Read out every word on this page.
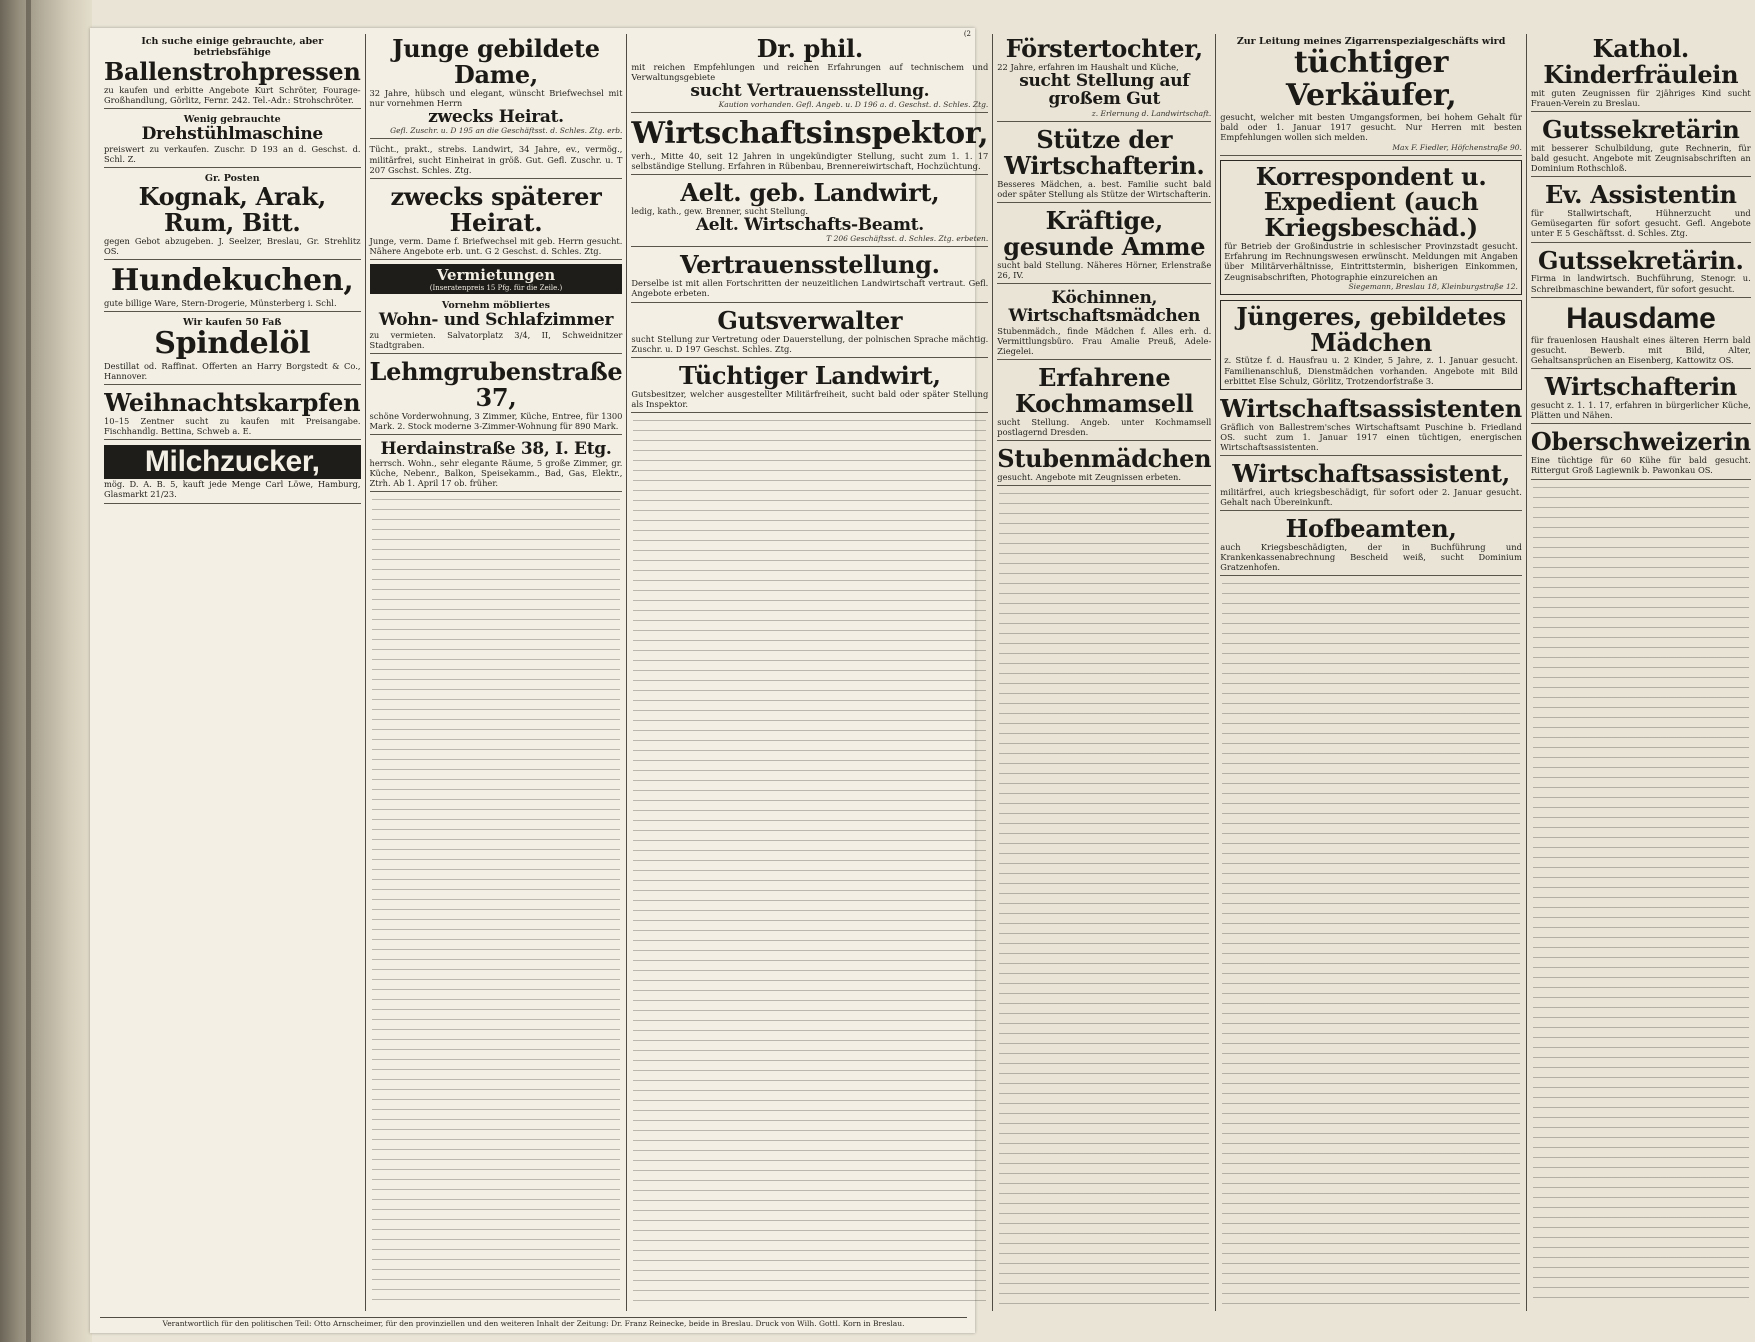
(2
Ich suche einige gebrauchte, aber betriebsfähige
Ballenstrohpressen
zu kaufen und erbitte Angebote Kurt Schröter, Fourage-Großhandlung, Görlitz, Fernr. 242. Tel.-Adr.: Strohschröter.
Wenig gebrauchte
Drehstühlmaschine
preiswert zu verkaufen. Zuschr. D 193 an d. Geschst. d. Schl. Z.
Gr. Posten
Kognak, Arak, Rum, Bitt.
gegen Gebot abzugeben. J. Seelzer, Breslau, Gr. Strehlitz OS.
Hundekuchen,
gute billige Ware, Stern-Drogerie, Münsterberg i. Schl.
Wir kaufen 50 Faß
Spindelöl
Destillat od. Raffinat. Offerten an Harry Borgstedt & Co., Hannover.
Weihnachtskarpfen
10–15 Zentner sucht zu kaufen mit Preisangabe. Fischhandlg. Bettina, Schweb a. E.
Milchzucker,
mög. D. A. B. 5, kauft jede Menge Carl Löwe, Hamburg, Glasmarkt 21/23.
Junge gebildete Dame,
32 Jahre, hübsch und elegant, wünscht Briefwechsel mit nur vornehmen Herrn
zwecks Heirat.
Gefl. Zuschr. u. D 195 an die Geschäftsst. d. Schles. Ztg. erb.
Tücht., prakt., strebs. Landwirt, 34 Jahre, ev., vermög., militärfrei, sucht Einheirat in größ. Gut. Gefl. Zuschr. u. T 207 Gschst. Schles. Ztg.
zwecks späterer Heirat.
Junge, verm. Dame f. Briefwechsel mit geb. Herrn gesucht. Nähere Angebote erb. unt. G 2 Geschst. d. Schles. Ztg.
Vermietungen
(Inseratenpreis 15 Pfg. für die Zeile.)
Vornehm möbliertes
Wohn- und Schlafzimmer
zu vermieten. Salvatorplatz 3/4, II, Schweidnitzer Stadtgraben.
Lehmgrubenstraße 37,
schöne Vorderwohnung, 3 Zimmer, Küche, Entree, für 1300 Mark. 2. Stock moderne 3-Zimmer-Wohnung für 890 Mark.
Herdainstraße 38, I. Etg.
herrsch. Wohn., sehr elegante Räume, 5 große Zimmer, gr. Küche, Nebenr., Balkon, Speisekamm., Bad, Gas, Elektr., Ztrh. Ab 1. April 17 ob. früher.
Dr. phil.
mit reichen Empfehlungen und reichen Erfahrungen auf technischem und Verwaltungsgebiete
sucht Vertrauensstellung.
Kaution vorhanden. Gefl. Angeb. u. D 196 a. d. Geschst. d. Schles. Ztg.
Wirtschaftsinspektor,
verh., Mitte 40, seit 12 Jahren in ungekündigter Stellung, sucht zum 1. 1. 17 selbständige Stellung. Erfahren in Rübenbau, Brennereiwirtschaft, Hochzüchtung.
Aelt. geb. Landwirt,
ledig, kath., gew. Brenner, sucht Stellung.
Aelt. Wirtschafts-Beamt.
T 206 Geschäftsst. d. Schles. Ztg. erbeten.
Vertrauensstellung.
Derselbe ist mit allen Fortschritten der neuzeitlichen Landwirtschaft vertraut. Gefl. Angebote erbeten.
Gutsverwalter
sucht Stellung zur Vertretung oder Dauerstellung, der polnischen Sprache mächtig. Zuschr. u. D 197 Geschst. Schles. Ztg.
Tüchtiger Landwirt,
Gutsbesitzer, welcher ausgestellter Militärfreiheit, sucht bald oder später Stellung als Inspektor.
Förstertochter,
22 Jahre, erfahren im Haushalt und Küche,
sucht Stellung auf großem Gut
z. Erlernung d. Landwirtschaft.
Stütze der Wirtschafterin.
Besseres Mädchen, a. best. Familie sucht bald oder später Stellung als Stütze der Wirtschafterin.
Kräftige, gesunde Amme
sucht bald Stellung. Näheres Hörner, Erlenstraße 26, IV.
Köchinnen, Wirtschaftsmädchen
Stubenmädch., finde Mädchen f. Alles erh. d. Vermittlungsbüro. Frau Amalie Preuß, Adele-Ziegelei.
Erfahrene Kochmamsell
sucht Stellung. Angeb. unter Kochmamsell postlagernd Dresden.
Stubenmädchen
gesucht. Angebote mit Zeugnissen erbeten.
Zur Leitung meines Zigarrenspezialgeschäfts wird
tüchtiger Verkäufer,
gesucht, welcher mit besten Umgangsformen, bei hohem Gehalt für bald oder 1. Januar 1917 gesucht. Nur Herren mit besten Empfehlungen wollen sich melden.
Max F. Fiedler, Höfchenstraße 90.
Korrespondent u. Expedient (auch Kriegsbeschäd.)
für Betrieb der Großindustrie in schlesischer Provinzstadt gesucht. Erfahrung im Rechnungswesen erwünscht. Meldungen mit Angaben über Militärverhältnisse, Eintrittstermin, bisherigen Einkommen, Zeugnisabschriften, Photographie einzureichen an
Siegemann, Breslau 18, Kleinburgstraße 12.
Jüngeres, gebildetes Mädchen
z. Stütze f. d. Hausfrau u. 2 Kinder, 5 Jahre, z. 1. Januar gesucht. Familienanschluß, Dienstmädchen vorhanden. Angebote mit Bild erbittet Else Schulz, Görlitz, Trotzendorfstraße 3.
Wirtschaftsassistenten
Gräflich von Ballestrem'sches Wirtschaftsamt Puschine b. Friedland OS. sucht zum 1. Januar 1917 einen tüchtigen, energischen Wirtschaftsassistenten.
Wirtschaftsassistent,
militärfrei, auch kriegsbeschädigt, für sofort oder 2. Januar gesucht. Gehalt nach Übereinkunft.
Hofbeamten,
auch Kriegsbeschädigten, der in Buchführung und Krankenkassenabrechnung Bescheid weiß, sucht Dominium Gratzenhofen.
Kathol. Kinderfräulein
mit guten Zeugnissen für 2jähriges Kind sucht Frauen-Verein zu Breslau.
Gutssekretärin
mit besserer Schulbildung, gute Rechnerin, für bald gesucht. Angebote mit Zeugnisabschriften an Dominium Rothschloß.
Ev. Assistentin
für Stallwirtschaft, Hühnerzucht und Gemüsegarten für sofort gesucht. Gefl. Angebote unter E 5 Geschäftsst. d. Schles. Ztg.
Gutssekretärin.
Firma in landwirtsch. Buchführung, Stenogr. u. Schreibmaschine bewandert, für sofort gesucht.
Hausdame
für frauenlosen Haushalt eines älteren Herrn bald gesucht. Bewerb. mit Bild, Alter, Gehaltsansprüchen an Eisenberg, Kattowitz OS.
Wirtschafterin
gesucht z. 1. 1. 17, erfahren in bürgerlicher Küche, Plätten und Nähen.
Oberschweizerin
Eine tüchtige für 60 Kühe für bald gesucht. Rittergut Groß Lagiewnik b. Pawonkau OS.
Verantwortlich für den politischen Teil: Otto Arnscheimer, für den provinziellen und den weiteren Inhalt der Zeitung: Dr. Franz Reinecke, beide in Breslau. Druck von Wilh. Gottl. Korn in Breslau.
